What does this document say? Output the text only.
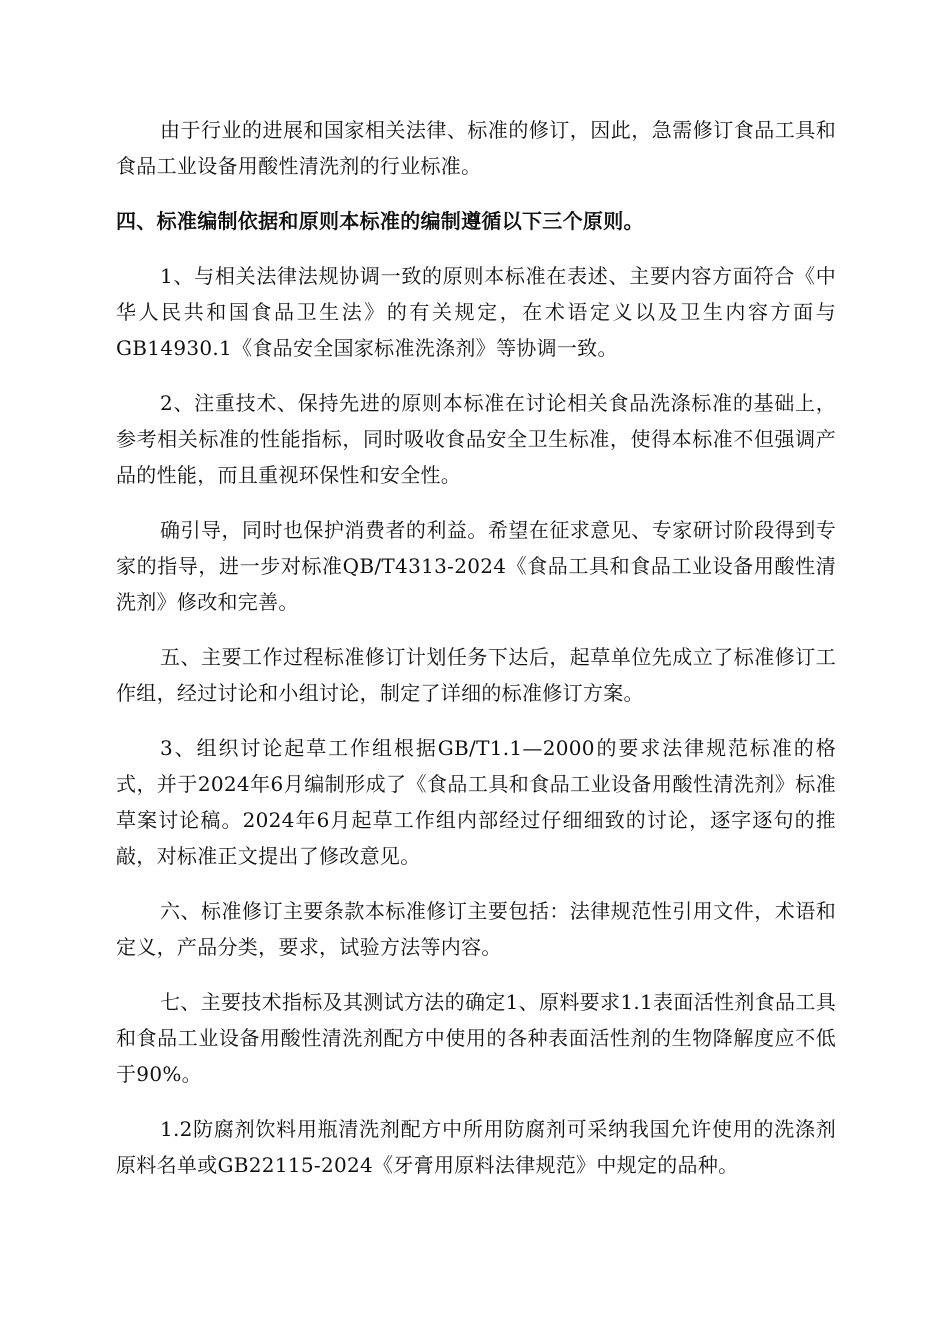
由于行业的进展和国家相关法律、标准的修订，因此，急需修订食品工具和食品工业设备用酸性清洗剂的行业标准。

四、标准编制依据和原则本标准的编制遵循以下三个原则。

1、与相关法律法规协调一致的原则本标准在表述、主要内容方面符合《中华人民共和国食品卫生法》的有关规定，在术语定义以及卫生内容方面与GB14930.1《食品安全国家标准洗涤剂》等协调一致。

2、注重技术、保持先进的原则本标准在讨论相关食品洗涤标准的基础上，参考相关标准的性能指标，同时吸收食品安全卫生标准，使得本标准不但强调产品的性能，而且重视环保性和安全性。

确引导，同时也保护消费者的利益。希望在征求意见、专家研讨阶段得到专家的指导，进一步对标准QB/T4313-2024《食品工具和食品工业设备用酸性清洗剂》修改和完善。

五、主要工作过程标准修订计划任务下达后，起草单位先成立了标准修订工作组，经过讨论和小组讨论，制定了详细的标准修订方案。

3、组织讨论起草工作组根据GB/T1.1—2000的要求法律规范标准的格式，并于2024年6月编制形成了《食品工具和食品工业设备用酸性清洗剂》标准草案讨论稿。2024年6月起草工作组内部经过仔细细致的讨论，逐字逐句的推敲，对标准正文提出了修改意见。

六、标准修订主要条款本标准修订主要包括：法律规范性引用文件，术语和定义，产品分类，要求，试验方法等内容。

七、主要技术指标及其测试方法的确定1、原料要求1.1表面活性剂食品工具和食品工业设备用酸性清洗剂配方中使用的各种表面活性剂的生物降解度应不低于90%。

1.2防腐剂饮料用瓶清洗剂配方中所用防腐剂可采纳我国允许使用的洗涤剂原料名单或GB22115-2024《牙膏用原料法律规范》中规定的品种。
